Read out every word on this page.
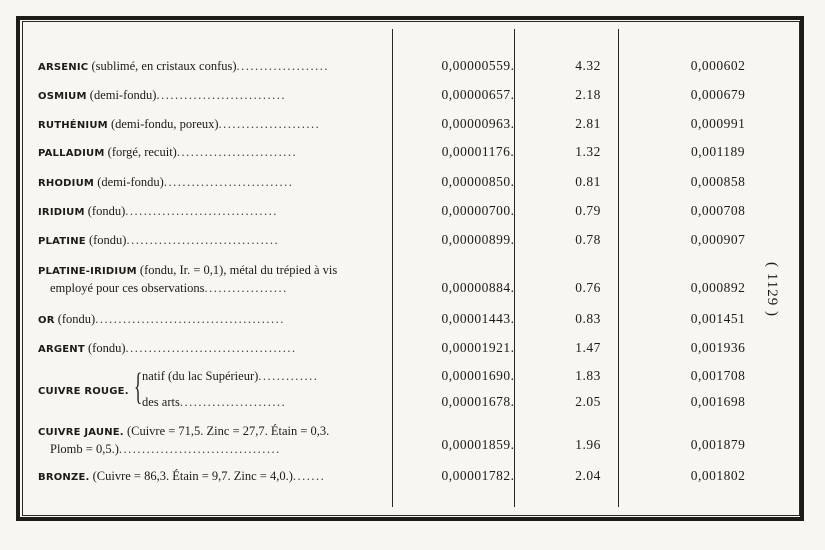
ARSENIC (sublimé, en cristaux confus)....................	0,00000559.	4.32	0,000602
OSMIUM (demi-fondu)............................	0,00000657.	2.18	0,000679
RUTHÉNIUM (demi-fondu, poreux)......................	0,00000963.	2.81	0,000991
PALLADIUM (forgé, recuit)..........................	0,00001176.	1.32	0,001189
RHODIUM (demi-fondu)............................	0,00000850.	0.81	0,000858
IRIDIUM (fondu).................................	0,00000700.	0.79	0,000708
PLATINE (fondu).................................	0,00000899.	0.78	0,000907
PLATINE-IRIDIUM (fondu, Ir. = 0,1), métal du trépied à vis
employé pour ces observations..................	0,00000884.	0.76	0,000892
OR (fondu).........................................	0,00001443.	0.83	0,001451
ARGENT (fondu).....................................	0,00001921.	1.47	0,001936
CUIVRE ROUGE. { natif (du lac Supérieur).............	0,00001690.	1.83	0,001708
des arts.......................	0,00001678.	2.05	0,001698
CUIVRE JAUNE. (Cuivre = 71,5. Zinc = 27,7. Étain = 0,3.
Plomb = 0,5.)...................................	0,00001859.	1.96	0,001879
BRONZE. (Cuivre = 86,3. Étain = 9,7. Zinc = 4,0.).......	0,00001782.	2.04	0,001802
( 1129 )
